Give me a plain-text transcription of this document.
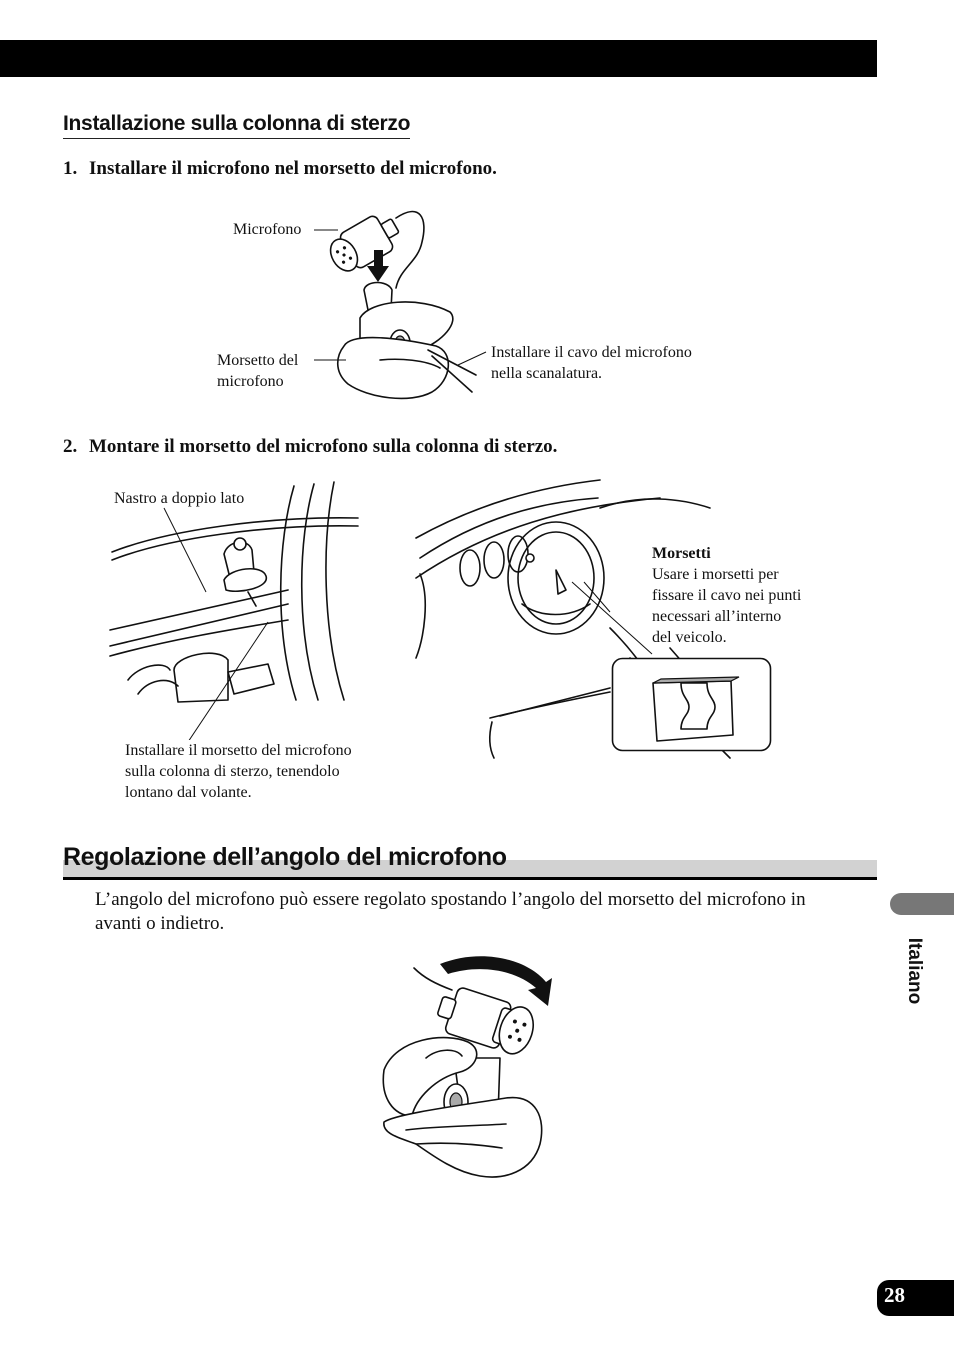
Installazione sulla colonna di sterzo

1. Installare il microfono nel morsetto del microfono.

Microfono

Morsetto del
microfono

Installare il cavo del microfono
nella scanalatura.

2. Montare il morsetto del microfono sulla colonna di sterzo.

Nastro a doppio lato

Installare il morsetto del microfono
sulla colonna di sterzo, tenendolo
lontano dal volante.

Morsetti
Usare i morsetti per
fissare il cavo nei punti
necessari all’interno
del veicolo.

Regolazione dell’angolo del microfono

L’angolo del microfono può essere regolato spostando l’angolo del morsetto del microfono in avanti o indietro.

Italiano
28
